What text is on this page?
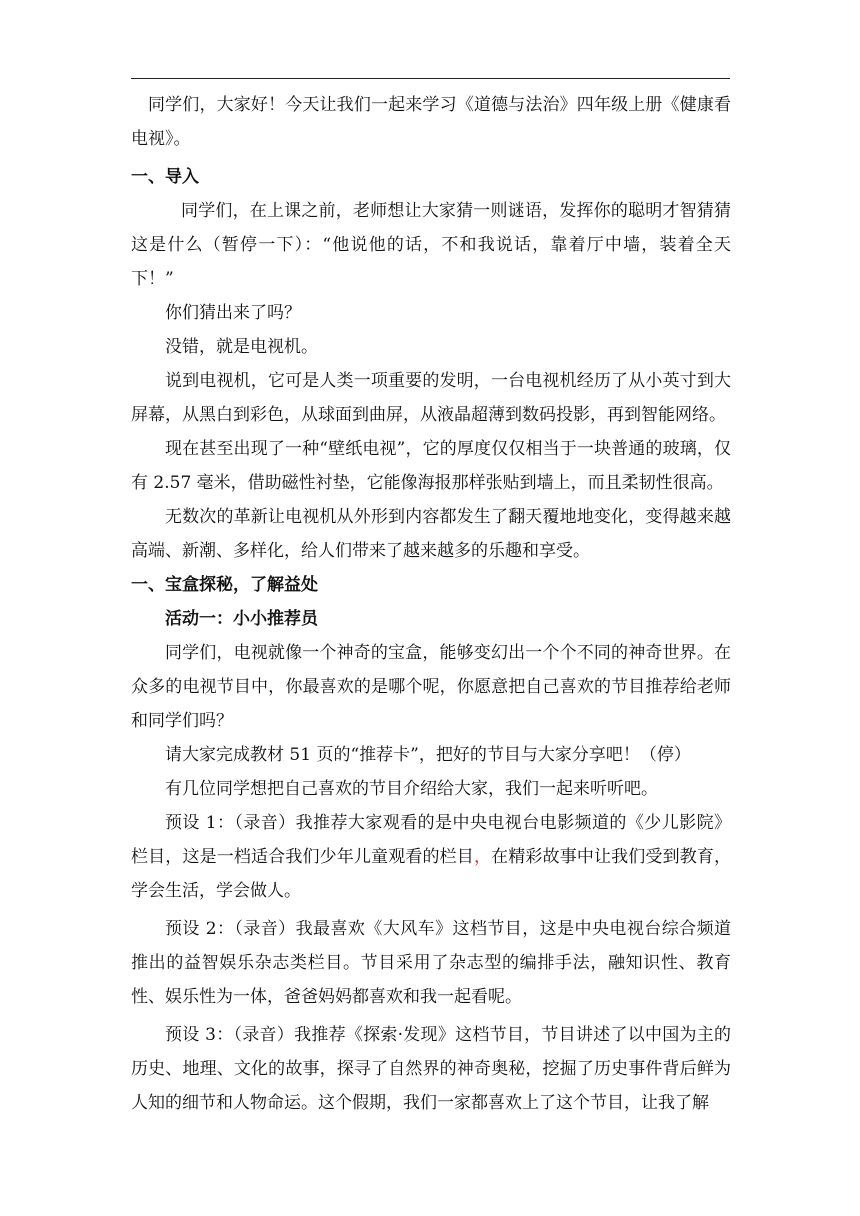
同学们，大家好！今天让我们一起来学习《道德与法治》四年级上册《健康看电视》。

一、导入

同学们，在上课之前，老师想让大家猜一则谜语，发挥你的聪明才智猜猜这是什么（暂停一下）：“他说他的话，不和我说话，靠着厅中墙，装着全天下！”

你们猜出来了吗？

没错，就是电视机。

说到电视机，它可是人类一项重要的发明，一台电视机经历了从小英寸到大屏幕，从黑白到彩色，从球面到曲屏，从液晶超薄到数码投影，再到智能网络。

现在甚至出现了一种“壁纸电视”，它的厚度仅仅相当于一块普通的玻璃，仅有 2.57 毫米，借助磁性衬垫，它能像海报那样张贴到墙上，而且柔韧性很高。

无数次的革新让电视机从外形到内容都发生了翻天覆地地变化，变得越来越高端、新潮、多样化，给人们带来了越来越多的乐趣和享受。

一、宝盒探秘，了解益处

活动一：小小推荐员

同学们，电视就像一个神奇的宝盒，能够变幻出一个个不同的神奇世界。在众多的电视节目中，你最喜欢的是哪个呢，你愿意把自己喜欢的节目推荐给老师和同学们吗？

请大家完成教材 51 页的“推荐卡”，把好的节目与大家分享吧！（停）

有几位同学想把自己喜欢的节目介绍给大家，我们一起来听听吧。

预设 1：（录音）我推荐大家观看的是中央电视台电影频道的《少儿影院》栏目，这是一档适合我们少年儿童观看的栏目，在精彩故事中让我们受到教育，学会生活，学会做人。

预设 2：（录音）我最喜欢《大风车》这档节目，这是中央电视台综合频道推出的益智娱乐杂志类栏目。节目采用了杂志型的编排手法，融知识性、教育性、娱乐性为一体，爸爸妈妈都喜欢和我一起看呢。

预设 3：（录音）我推荐《探索·发现》这档节目，节目讲述了以中国为主的历史、地理、文化的故事，探寻了自然界的神奇奥秘，挖掘了历史事件背后鲜为人知的细节和人物命运。这个假期，我们一家都喜欢上了这个节目，让我了解
